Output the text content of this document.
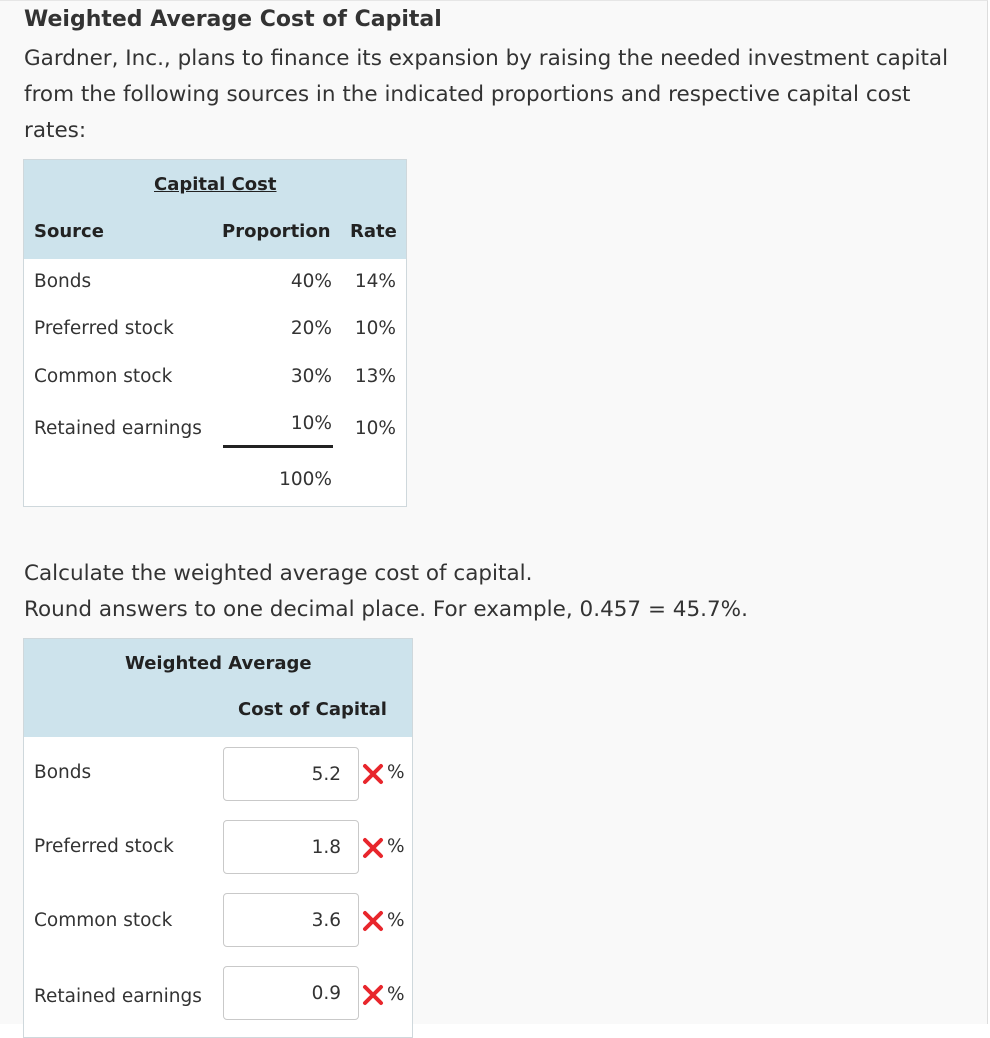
Weighted Average Cost of Capital
Gardner, Inc., plans to finance its expansion by raising the needed investment capital from the following sources in the indicated proportions and respective capital cost rates:
Capital Cost
Source	Proportion Rate
Bonds	40% 14%
Preferred stock	20% 10%
Common stock	30% 13%
Retained earnings	10% 10%
100%
Calculate the weighted average cost of capital.
Round answers to one decimal place. For example, 0.457 = 45.7%.
Weighted Average
Cost of Capital
Bonds
5.2	%
Preferred stock
1.8	%
Common stock
3.6	%
Retained earnings
0.9	%
